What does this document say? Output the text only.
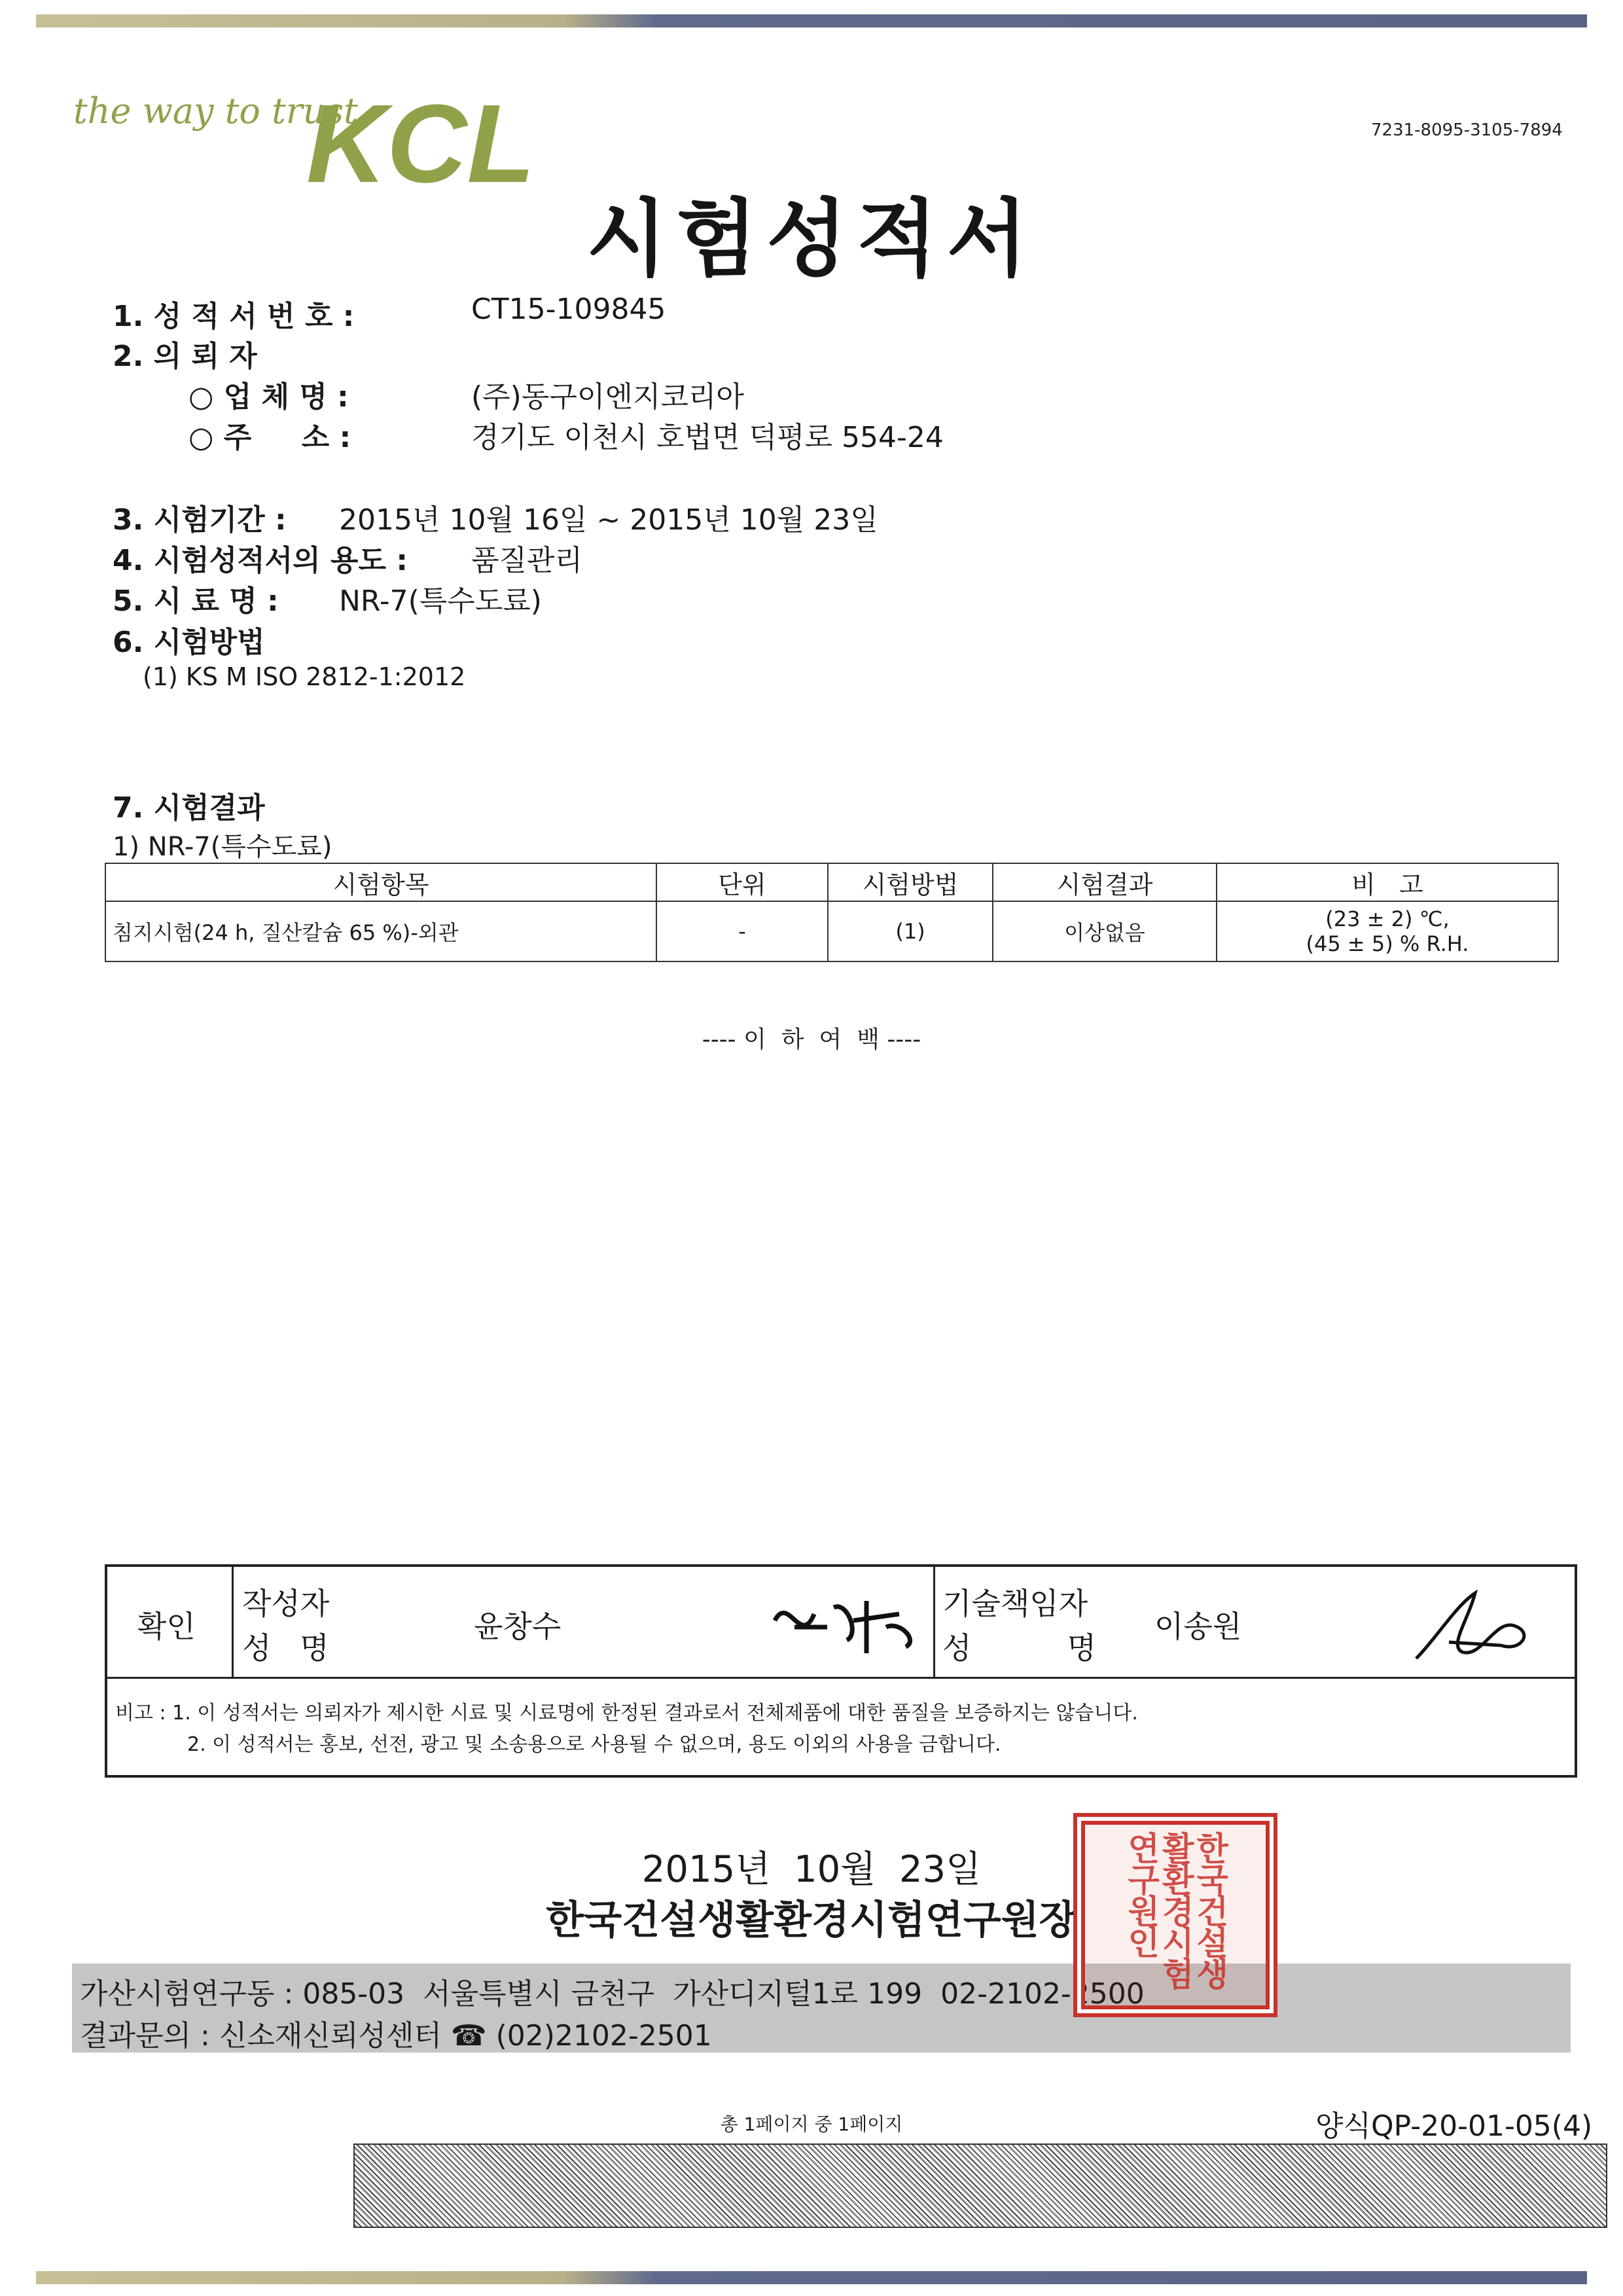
the way to trust
KCL	7231-8095-3105-7894
시험성적서
1. 성 적 서 번 호 :	CT15-109845
2. 의 뢰 자
○ 업 체 명 :	(주)동구이엔지코리아
○ 주     소 :	경기도 이천시 호법면 덕평로 554-24
3. 시험기간 : 2015년 10월 16일 ~ 2015년 10월 23일
4. 시험성적서의 용도 : 품질관리
5. 시 료 명 : NR-7(특수도료)
6. 시험방법
(1) KS M ISO 2812-1:2012
7. 시험결과
1) NR-7(특수도료)
시험항목	단위	시험방법	시험결과	비   고
침지시험(24 h, 질산칼슘 65 %)-외관	-	(1)	이상없음	(23 ± 2) ℃,
(45 ± 5) % R.H.
---- 이  하  여  백 ----
확인
작성자
성   명
윤창수
기술책임자
성          명
이송원
비고 : 1. 이 성적서는 의뢰자가 제시한 시료 및 시료명에 한정된 결과로서 전체제품에 대한 품질을 보증하지는 않습니다.
2. 이 성적서는 홍보, 선전, 광고 및 소송용으로 사용될 수 없으며, 용도 이외의 사용을 금합니다.
2015년  10월  23일
한국건설생활환경시험연구원장
가산시험연구동 : 085-03  서울특별시 금천구  가산디지털1로 199  02-2102-2500
결과문의 : 신소재신뢰성센터 ☎ (02)2102-2501
한국건설생활환경시험연구원인
총 1페이지 중 1페이지	양식QP-20-01-05(4)
